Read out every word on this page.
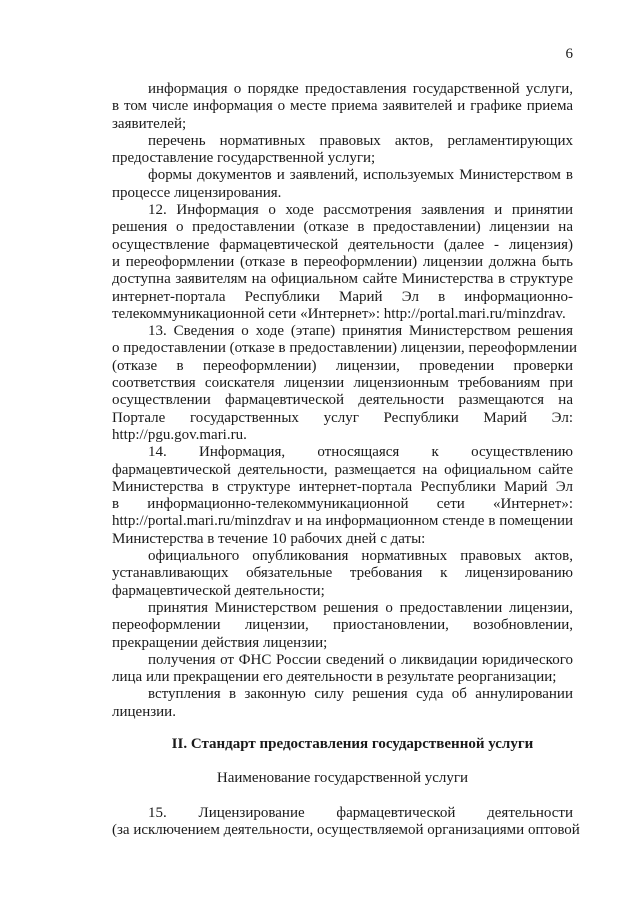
6

информация о порядке предоставления государственной услуги,
в том числе информация о месте приема заявителей и графике приема
заявителей;

перечень нормативных правовых актов, регламентирующих
предоставление государственной услуги;

формы документов и заявлений, используемых Министерством в
процессе лицензирования.

12. Информация о ходе рассмотрения заявления и принятии
решения о предоставлении (отказе в предоставлении) лицензии на
осуществление фармацевтической деятельности (далее - лицензия)
и переоформлении (отказе в переоформлении) лицензии должна быть
доступна заявителям на официальном сайте Министерства в структуре
интернет-портала Республики Марий Эл в информационно-
телекоммуникационной сети «Интернет»: http://portal.mari.ru/minzdrav.

13. Сведения о ходе (этапе) принятия Министерством решения
о предоставлении (отказе в предоставлении) лицензии, переоформлении
(отказе в переоформлении) лицензии, проведении проверки
соответствия соискателя лицензии лицензионным требованиям при
осуществлении фармацевтической деятельности размещаются на
Портале государственных услуг Республики Марий Эл:
http://pgu.gov.mari.ru.

14. Информация, относящаяся к осуществлению
фармацевтической деятельности, размещается на официальном сайте
Министерства в структуре интернет-портала Республики Марий Эл
в информационно-телекоммуникационной сети «Интернет»:
http://portal.mari.ru/minzdrav и на информационном стенде в помещении
Министерства в течение 10 рабочих дней с даты:

официального опубликования нормативных правовых актов,
устанавливающих обязательные требования к лицензированию
фармацевтической деятельности;

принятия Министерством решения о предоставлении лицензии,
переоформлении лицензии, приостановлении, возобновлении,
прекращении действия лицензии;

получения от ФНС России сведений о ликвидации юридического
лица или прекращении его деятельности в результате реорганизации;

вступления в законную силу решения суда об аннулировании
лицензии.

II. Стандарт предоставления государственной услуги
Наименование государственной услуги

15. Лицензирование фармацевтической деятельности
(за исключением деятельности, осуществляемой организациями оптовой
